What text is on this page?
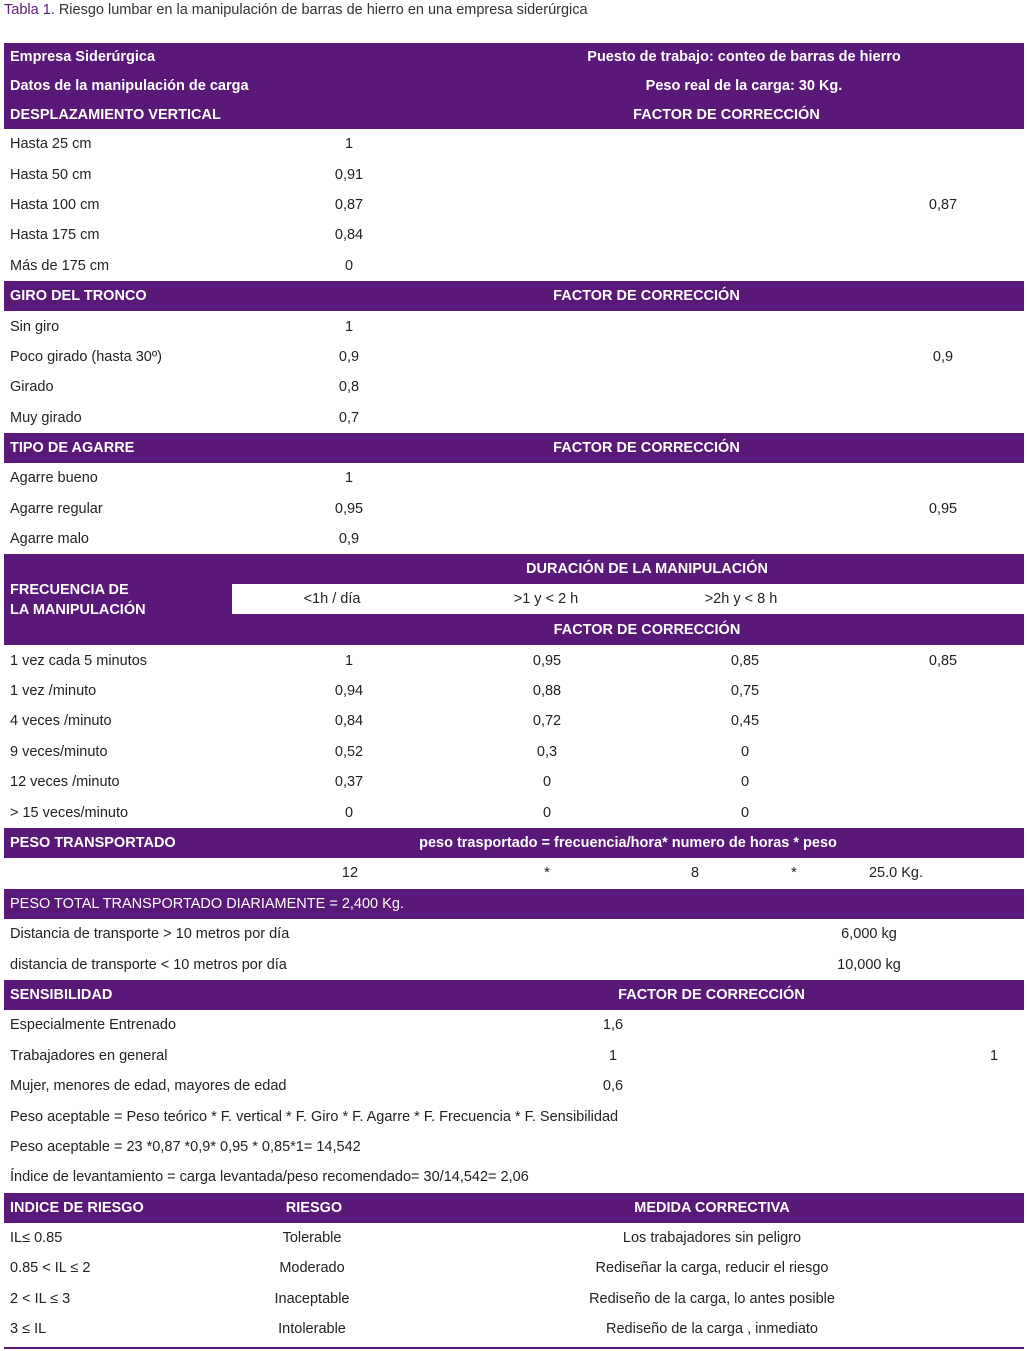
Tabla 1. Riesgo lumbar en la manipulación de barras de hierro en una empresa siderúrgica
Empresa Siderúrgica	Puesto de trabajo: conteo de barras de hierro
Datos de la manipulación de carga	Peso real de la carga: 30 Kg.
DESPLAZAMIENTO VERTICAL	FACTOR DE CORRECCIÓN
Hasta 25 cm	1
Hasta 50 cm	0,91
Hasta 100 cm	0,87	0,87
Hasta 175 cm	0,84
Más de 175 cm	0
GIRO DEL TRONCO	FACTOR DE CORRECCIÓN
Sin giro	1
Poco girado (hasta 30º)	0,9	0,9
Girado	0,8
Muy girado	0,7
TIPO DE AGARRE	FACTOR DE CORRECCIÓN
Agarre bueno	1
Agarre regular	0,95	0,95
Agarre malo	0,9
FRECUENCIA DE LA MANIPULACIÓN
DURACIÓN DE LA MANIPULACIÓN
<1h / día	>1 y < 2 h	>2h y < 8 h
FACTOR DE CORRECCIÓN
1 vez cada 5 minutos	1	0,95	0,85	0,85
1 vez /minuto	0,94	0,88	0,75
4 veces /minuto	0,84	0,72	0,45
9 veces/minuto	0,52	0,3	0
12 veces /minuto	0,37	0	0
> 15 veces/minuto	0	0	0
PESO TRANSPORTADO	peso trasportado = frecuencia/hora* numero de horas * peso
12	*	8	*	25.0 Kg.
PESO TOTAL TRANSPORTADO DIARIAMENTE = 2,400 Kg.
Distancia de transporte > 10 metros por día	6,000 kg
distancia de transporte < 10 metros por día	10,000 kg
SENSIBILIDAD	FACTOR DE CORRECCIÓN
Especialmente Entrenado	1,6
Trabajadores en general	1	1
Mujer, menores de edad, mayores de edad	0,6
Peso aceptable = Peso teórico * F. vertical * F. Giro * F. Agarre * F. Frecuencia * F. Sensibilidad
Peso aceptable = 23 *0,87 *0,9* 0,95 * 0,85*1= 14,542
Índice de levantamiento = carga levantada/peso recomendado= 30/14,542= 2,06
INDICE DE RIESGO	RIESGO	MEDIDA CORRECTIVA
IL≤ 0.85	Tolerable	Los trabajadores sin peligro
0.85 < IL ≤ 2	Moderado	Rediseñar la carga, reducir el riesgo
2 < IL ≤ 3	Inaceptable	Rediseño de la carga, lo antes posible
3 ≤ IL	Intolerable	Rediseño de la carga , inmediato
